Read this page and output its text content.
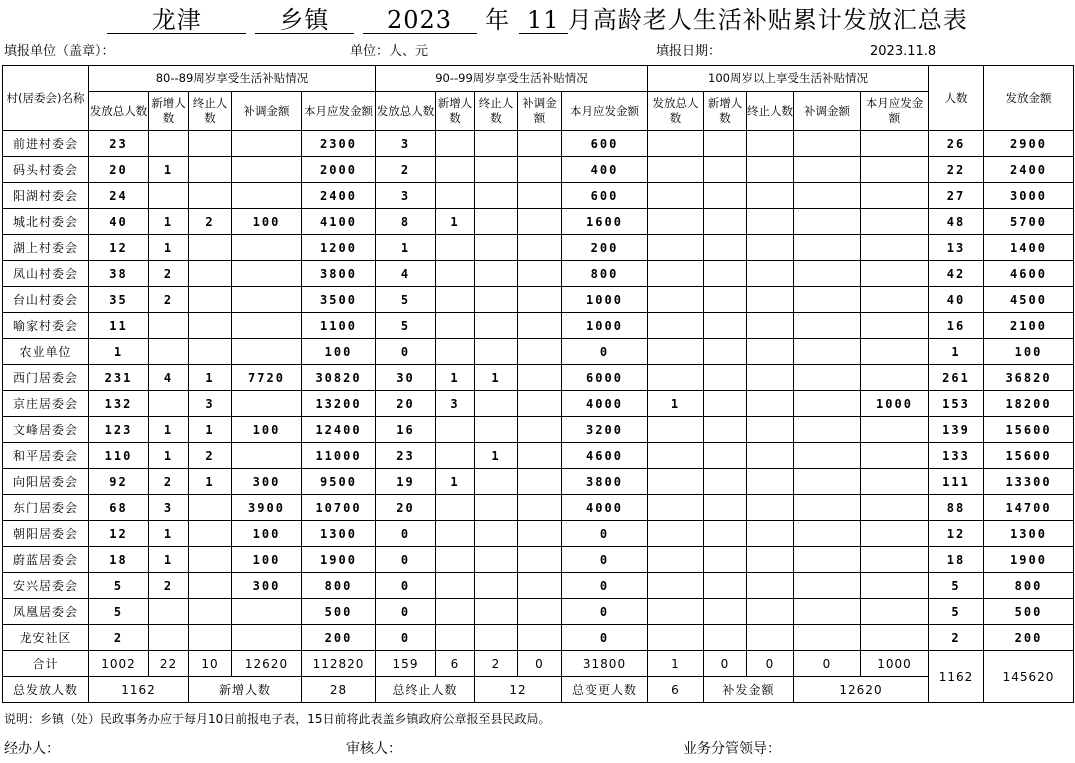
龙津	乡镇 2023 年 11 月高龄老人生活补贴累计发放汇总表
填报单位（盖章）：	单位：人、元	填报日期：	2023.11.8
村(居委会)名称	80--89周岁享受生活补贴情况					90--99周岁享受生活补贴情况					100周岁以上享受生活补贴情况					人数	发放金额
	发放总人数	新增人数	终止人数	补调金额	本月应发金额	发放总人数	新增人数	终止人数	补调金额	本月应发金额	发放总人数	新增人数	终止人数	补调金额	本月应发金额		
前进村委会	23				2300	3				600						26	2900
码头村委会	20	1			2000	2				400						22	2400
阳湖村委会	24				2400	3				600						27	3000
城北村委会	40	1	2	100	4100	8	1			1600						48	5700
湖上村委会	12	1			1200	1				200						13	1400
凤山村委会	38	2			3800	4				800						42	4600
台山村委会	35	2			3500	5				1000						40	4500
喻家村委会	11				1100	5				1000						16	2100
农业单位	1				100	0				0						1	100
西门居委会	231	4	1	7720	30820	30	1	1		6000						261	36820
京庄居委会	132		3		13200	20	3			4000	1				1000	153	18200
文峰居委会	123	1	1	100	12400	16				3200						139	15600
和平居委会	110	1	2		11000	23		1		4600						133	15600
向阳居委会	92	2	1	300	9500	19	1			3800						111	13300
东门居委会	68	3		3900	10700	20				4000						88	14700
朝阳居委会	12	1		100	1300	0				0						12	1300
蔚蓝居委会	18	1		100	1900	0				0						18	1900
安兴居委会	5	2		300	800	0				0						5	800
凤凰居委会	5				500	0				0						5	500
龙安社区	2				200	0				0						2	200
合计	1002	22	10	12620	112820	159	6	2	0	31800	1	0	0	0	1000	1162	145620
总发放人数	1162		新增人数		28	总终止人数		12		总变更人数	6	补发金额		12620			
说明：乡镇（处）民政事务办应于每月10日前报电子表，15日前将此表盖乡镇政府公章报至县民政局。
经办人：	审核人：	业务分管领导：
